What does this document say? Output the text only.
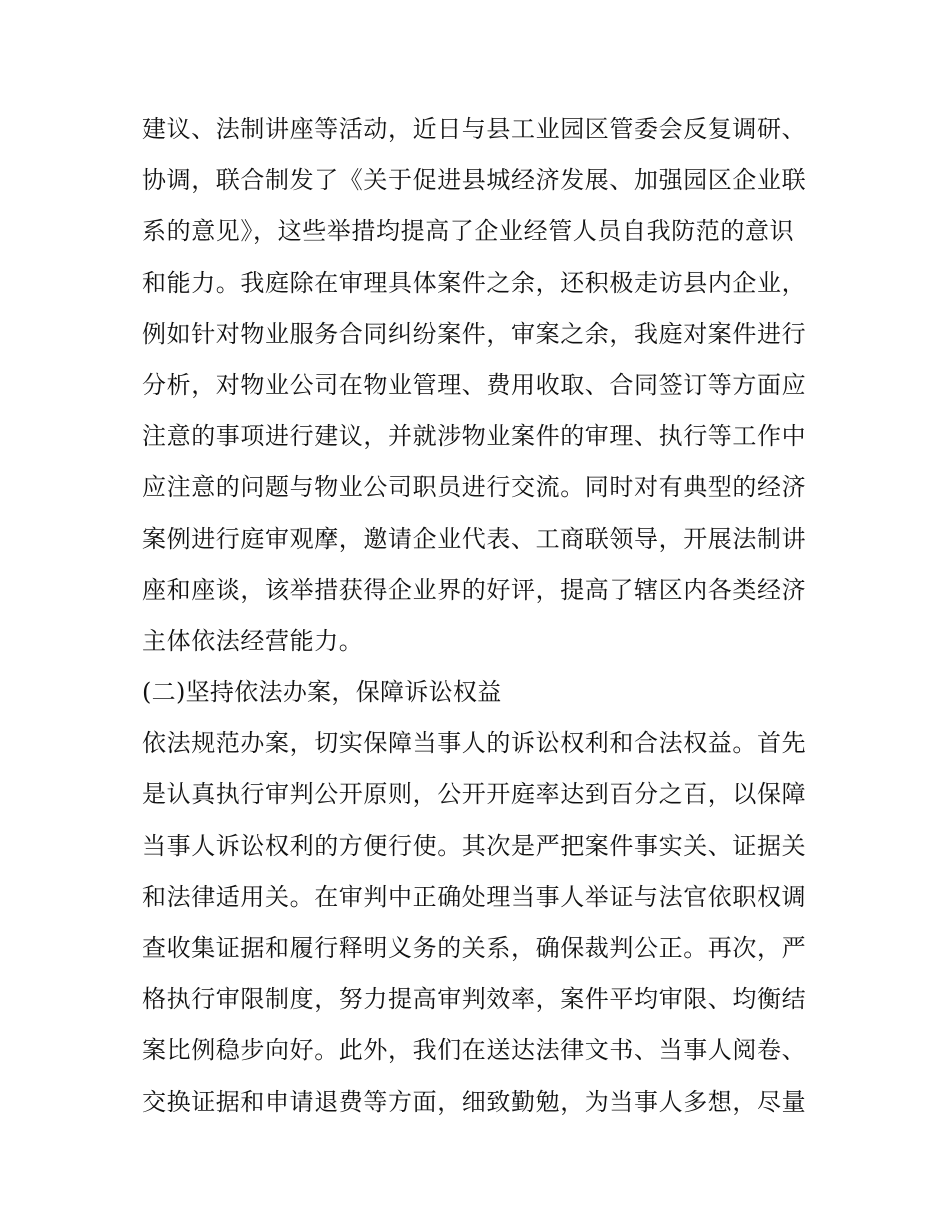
建议、法制讲座等活动，近日与县工业园区管委会反复调研、
协调，联合制发了《关于促进县城经济发展、加强园区企业联
系的意见》，这些举措均提高了企业经管人员自我防范的意识
和能力。我庭除在审理具体案件之余，还积极走访县内企业，
例如针对物业服务合同纠纷案件，审案之余，我庭对案件进行
分析，对物业公司在物业管理、费用收取、合同签订等方面应
注意的事项进行建议，并就涉物业案件的审理、执行等工作中
应注意的问题与物业公司职员进行交流。同时对有典型的经济
案例进行庭审观摩，邀请企业代表、工商联领导，开展法制讲
座和座谈，该举措获得企业界的好评，提高了辖区内各类经济
主体依法经营能力。
(二)坚持依法办案，保障诉讼权益
依法规范办案，切实保障当事人的诉讼权利和合法权益。首先
是认真执行审判公开原则，公开开庭率达到百分之百，以保障
当事人诉讼权利的方便行使。其次是严把案件事实关、证据关
和法律适用关。在审判中正确处理当事人举证与法官依职权调
查收集证据和履行释明义务的关系，确保裁判公正。再次，严
格执行审限制度，努力提高审判效率，案件平均审限、均衡结
案比例稳步向好。此外，我们在送达法律文书、当事人阅卷、
交换证据和申请退费等方面，细致勤勉，为当事人多想，尽量
